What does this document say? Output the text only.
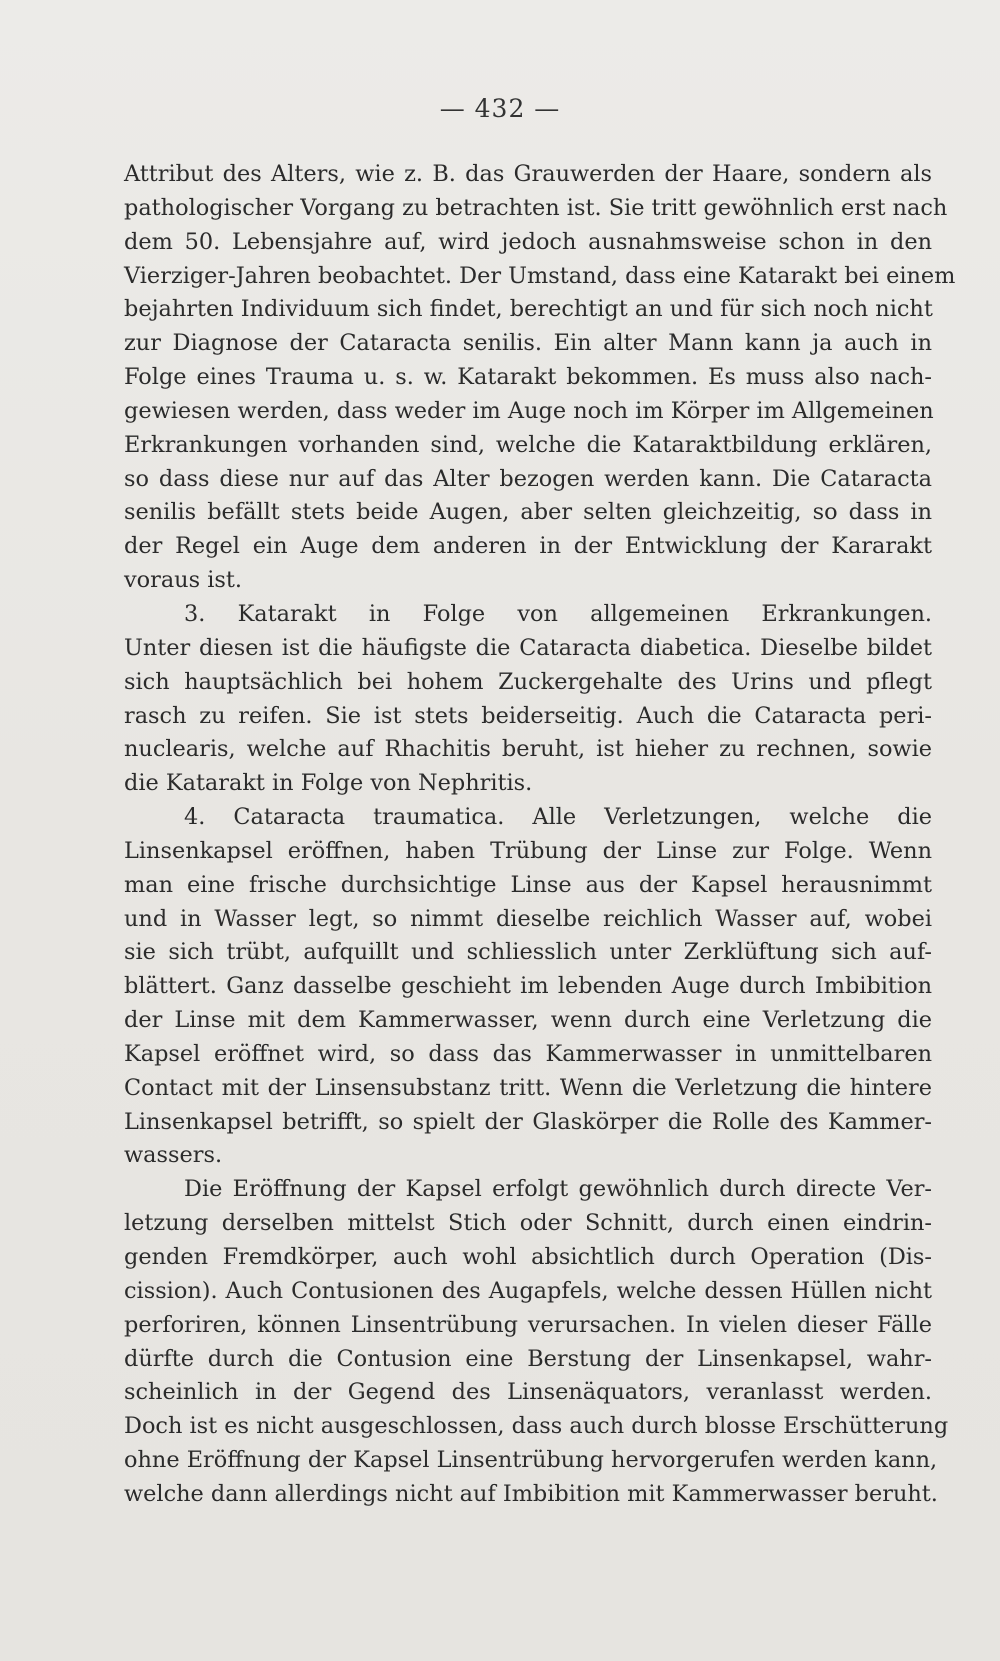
— 432 —
Attribut des Alters, wie z. B. das Grauwerden der Haare, sondern als
pathologischer Vorgang zu betrachten ist. Sie tritt gewöhnlich erst nach
dem 50. Lebensjahre auf, wird jedoch ausnahmsweise schon in den
Vierziger-Jahren beobachtet. Der Umstand, dass eine Katarakt bei einem
bejahrten Individuum sich findet, berechtigt an und für sich noch nicht
zur Diagnose der Cataracta senilis. Ein alter Mann kann ja auch in
Folge eines Trauma u. s. w. Katarakt bekommen. Es muss also nach-
gewiesen werden, dass weder im Auge noch im Körper im Allgemeinen
Erkrankungen vorhanden sind, welche die Kataraktbildung erklären,
so dass diese nur auf das Alter bezogen werden kann. Die Cataracta
senilis befällt stets beide Augen, aber selten gleichzeitig, so dass in
der Regel ein Auge dem anderen in der Entwicklung der Kararakt
voraus ist.
3. Katarakt in Folge von allgemeinen Erkrankungen.
Unter diesen ist die häufigste die Cataracta diabetica. Dieselbe bildet
sich hauptsächlich bei hohem Zuckergehalte des Urins und pflegt
rasch zu reifen. Sie ist stets beiderseitig. Auch die Cataracta peri-
nuclearis, welche auf Rhachitis beruht, ist hieher zu rechnen, sowie
die Katarakt in Folge von Nephritis.
4. Cataracta traumatica. Alle Verletzungen, welche die
Linsenkapsel eröffnen, haben Trübung der Linse zur Folge. Wenn
man eine frische durchsichtige Linse aus der Kapsel herausnimmt
und in Wasser legt, so nimmt dieselbe reichlich Wasser auf, wobei
sie sich trübt, aufquillt und schliesslich unter Zerklüftung sich auf-
blättert. Ganz dasselbe geschieht im lebenden Auge durch Imbibition
der Linse mit dem Kammerwasser, wenn durch eine Verletzung die
Kapsel eröffnet wird, so dass das Kammerwasser in unmittelbaren
Contact mit der Linsensubstanz tritt. Wenn die Verletzung die hintere
Linsenkapsel betrifft, so spielt der Glaskörper die Rolle des Kammer-
wassers.
Die Eröffnung der Kapsel erfolgt gewöhnlich durch directe Ver-
letzung derselben mittelst Stich oder Schnitt, durch einen eindrin-
genden Fremdkörper, auch wohl absichtlich durch Operation (Dis-
cission). Auch Contusionen des Augapfels, welche dessen Hüllen nicht
perforiren, können Linsentrübung verursachen. In vielen dieser Fälle
dürfte durch die Contusion eine Berstung der Linsenkapsel, wahr-
scheinlich in der Gegend des Linsenäquators, veranlasst werden.
Doch ist es nicht ausgeschlossen, dass auch durch blosse Erschütterung
ohne Eröffnung der Kapsel Linsentrübung hervorgerufen werden kann,
welche dann allerdings nicht auf Imbibition mit Kammerwasser beruht.
